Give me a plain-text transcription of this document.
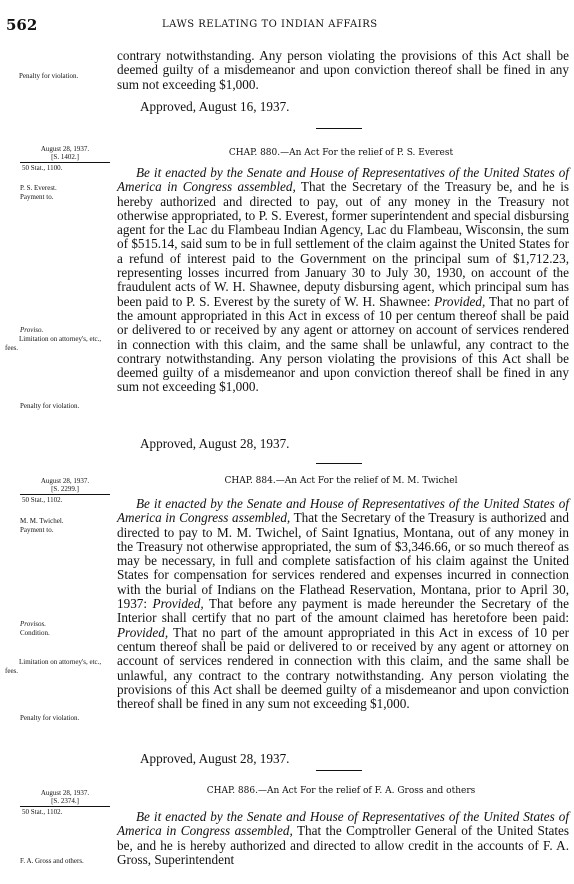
562	LAWS RELATING TO INDIAN AFFAIRS
Penalty for violation.

contrary notwithstanding. Any person violating the provisions of this Act shall be deemed guilty of a misdemeanor and upon conviction thereof shall be fined in any sum not exceeding $1,000.

Approved, August 16, 1937.
August 28, 1937.
[S. 1402.]
50 Stat., 1100.
CHAP. 880.—An Act For the relief of P. S. Everest
P. S. Everest.
Payment to.
Proviso.
Limitation on attorney's, etc., fees.
Penalty for violation.

Be it enacted by the Senate and House of Representatives of the United States of America in Congress assembled, That the Secretary of the Treasury be, and he is hereby authorized and directed to pay, out of any money in the Treasury not otherwise appropriated, to P. S. Everest, former superintendent and special disbursing agent for the Lac du Flambeau Indian Agency, Lac du Flambeau, Wisconsin, the sum of $515.14, said sum to be in full settlement of the claim against the United States for a refund of interest paid to the Government on the principal sum of $1,712.23, representing losses incurred from January 30 to July 30, 1930, on account of the fraudulent acts of W. H. Shawnee, deputy disbursing agent, which principal sum has been paid to P. S. Everest by the surety of W. H. Shawnee: Provided, That no part of the amount appropriated in this Act in excess of 10 per centum thereof shall be paid or delivered to or received by any agent or attorney on account of services rendered in connection with this claim, and the same shall be unlawful, any contract to the contrary notwithstanding. Any person violating the provisions of this Act shall be deemed guilty of a misdemeanor and upon conviction thereof shall be fined in any sum not exceeding $1,000.

Approved, August 28, 1937.
August 28, 1937.
[S. 2299.]
50 Stat., 1102.
CHAP. 884.—An Act For the relief of M. M. Twichel
M. M. Twichel.
Payment to.
Provisos.
Condition.
Limitation on attorney's, etc., fees.
Penalty for violation.

Be it enacted by the Senate and House of Representatives of the United States of America in Congress assembled, That the Secretary of the Treasury is authorized and directed to pay to M. M. Twichel, of Saint Ignatius, Montana, out of any money in the Treasury not otherwise appropriated, the sum of $3,346.66, or so much thereof as may be necessary, in full and complete satisfaction of his claim against the United States for compensation for services rendered and expenses incurred in connection with the burial of Indians on the Flathead Reservation, Montana, prior to April 30, 1937: Provided, That before any payment is made hereunder the Secretary of the Interior shall certify that no part of the amount claimed has heretofore been paid: Provided, That no part of the amount appropriated in this Act in excess of 10 per centum thereof shall be paid or delivered to or received by any agent or attorney on account of services rendered in connection with this claim, and the same shall be unlawful, any contract to the contrary notwithstanding. Any person violating the provisions of this Act shall be deemed guilty of a misdemeanor and upon conviction thereof shall be fined in any sum not exceeding $1,000.

Approved, August 28, 1937.
August 28, 1937.
[S. 2374.]
50 Stat., 1102.
CHAP. 886.—An Act For the relief of F. A. Gross and others
F. A. Gross and others.

Be it enacted by the Senate and House of Representatives of the United States of America in Congress assembled, That the Comptroller General of the United States be, and he is hereby authorized and directed to allow credit in the accounts of F. A. Gross, Superintendent
